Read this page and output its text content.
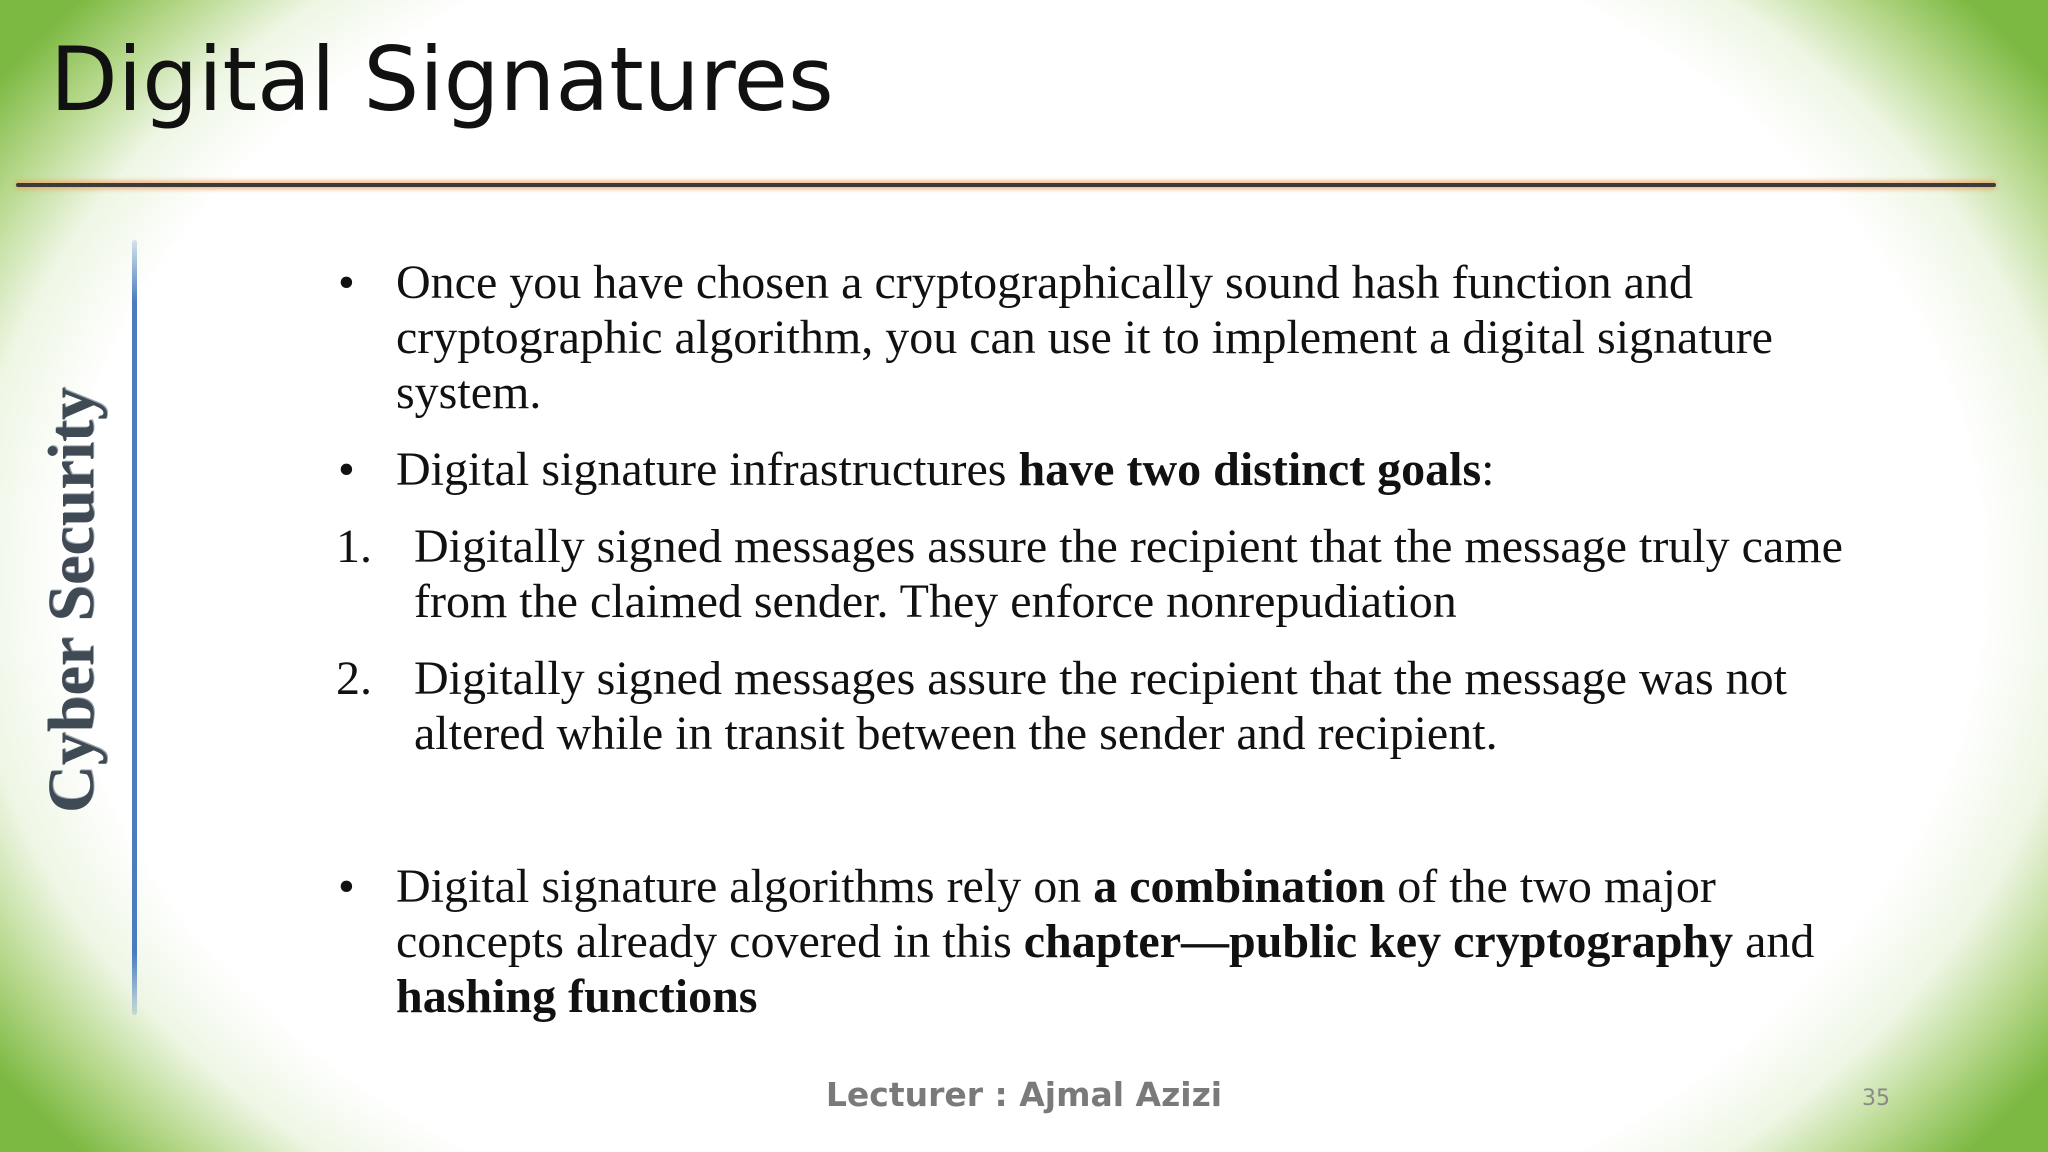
Digital Signatures
Cyber Security

• Once you have chosen a cryptographically sound hash function and cryptographic algorithm, you can use it to implement a digital signature system.

• Digital signature infrastructures have two distinct goals:

1. Digitally signed messages assure the recipient that the message truly came from the claimed sender. They enforce nonrepudiation

2. Digitally signed messages assure the recipient that the message was not altered while in transit between the sender and recipient.

• Digital signature algorithms rely on a combination of the two major concepts already covered in this chapter—public key cryptography and hashing functions

Lecturer : Ajmal Azizi	35
